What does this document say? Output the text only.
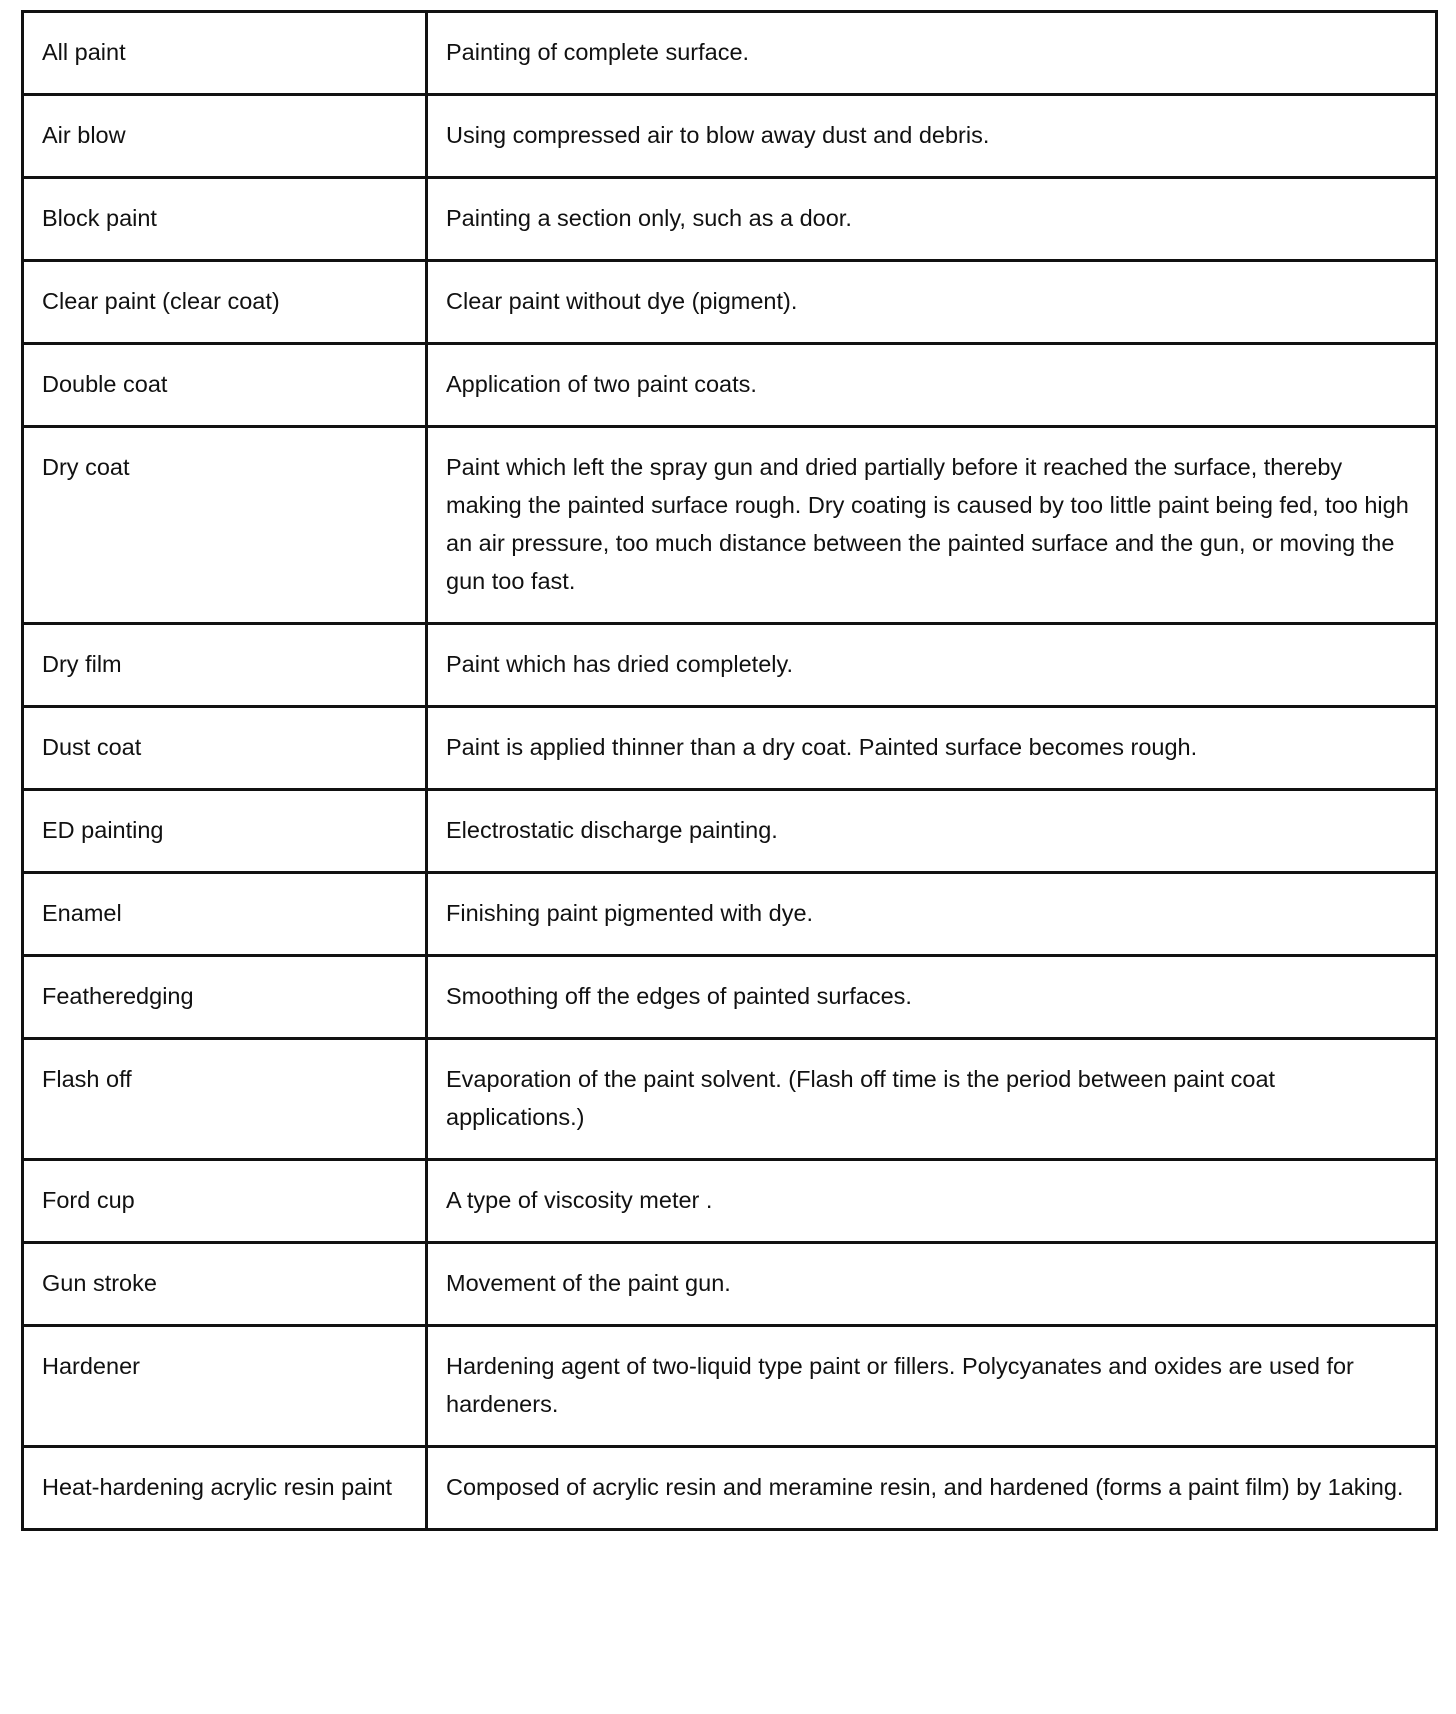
All paint	Painting of complete surface.
Air blow	Using compressed air to blow away dust and debris.
Block paint	Painting a section only, such as a door.
Clear paint (clear coat)	Clear paint without dye (pigment).
Double coat	Application of two paint coats.
Dry coat	Paint which left the spray gun and dried partially before it reached the surface, thereby making the painted surface rough. Dry coating is caused by too little paint being fed, too high an air pressure, too much distance between the painted surface and the gun, or moving the gun too fast.
Dry film	Paint which has dried completely.
Dust coat	Paint is applied thinner than a dry coat. Painted surface becomes rough.
ED painting	Electrostatic discharge painting.
Enamel	Finishing paint pigmented with dye.
Featheredging	Smoothing off the edges of painted surfaces.
Flash off	Evaporation of the paint solvent. (Flash off time is the period between paint coat applications.)
Ford cup	A type of viscosity meter .
Gun stroke	Movement of the paint gun.
Hardener	Hardening agent of two-liquid type paint or fillers. Polycyanates and oxides are used for hardeners.
Heat-hardening acrylic resin paint	Composed of acrylic resin and meramine resin, and hardened (forms a paint film) by 1aking.
